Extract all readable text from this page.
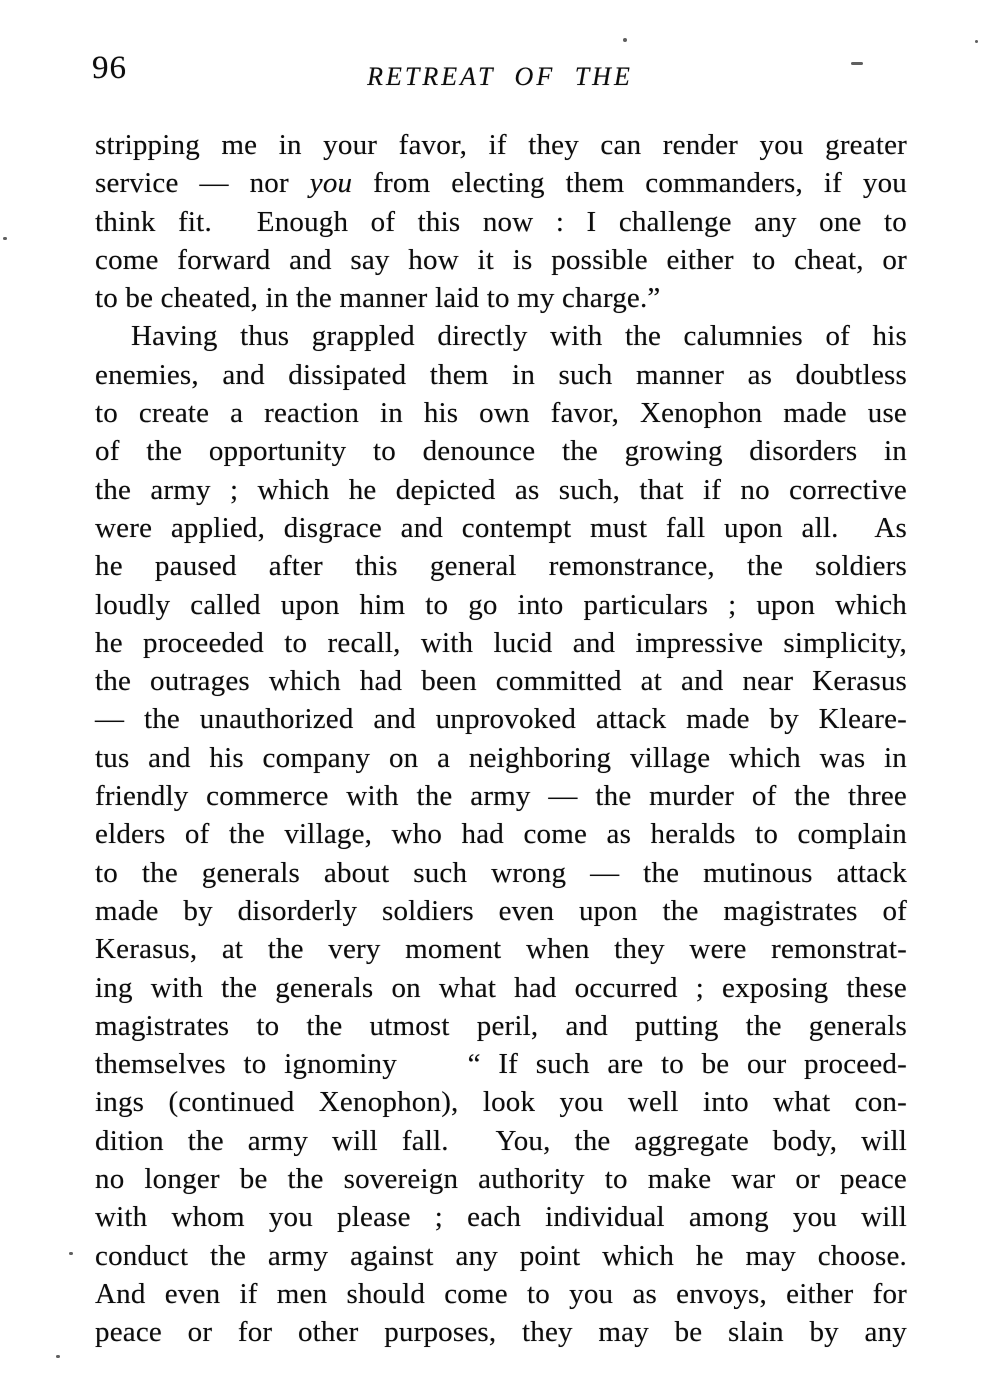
96	RETREAT OF THE
stripping me in your favor, if they can render you greater
service — nor you from electing them commanders, if you
think fit.  Enough of this now : I challenge any one to
come forward and say how it is possible either to cheat, or
to be cheated, in the manner laid to my charge.”
Having thus grappled directly with the calumnies of his
enemies, and dissipated them in such manner as doubtless
to create a reaction in his own favor, Xenophon made use
of the opportunity to denounce the growing disorders in
the army ; which he depicted as such, that if no corrective
were applied, disgrace and contempt must fall upon all.  As
he paused after this general remonstrance, the soldiers
loudly called upon him to go into particulars ; upon which
he proceeded to recall, with lucid and impressive simplicity,
the outrages which had been committed at and near Kerasus
— the unauthorized and unprovoked attack made by Kleare-
tus and his company on a neighboring village which was in
friendly commerce with the army — the murder of the three
elders of the village, who had come as heralds to complain
to the generals about such wrong — the mutinous attack
made by disorderly soldiers even upon the magistrates of
Kerasus, at the very moment when they were remonstrat-
ing with the generals on what had occurred ; exposing these
magistrates to the utmost peril, and putting the generals
themselves to ignominy    “ If such are to be our proceed-
ings (continued Xenophon), look you well into what con-
dition the army will fall.  You, the aggregate body, will
no longer be the sovereign authority to make war or peace
with whom you please ; each individual among you will
conduct the army against any point which he may choose.
And even if men should come to you as envoys, either for
peace or for other purposes, they may be slain by any
